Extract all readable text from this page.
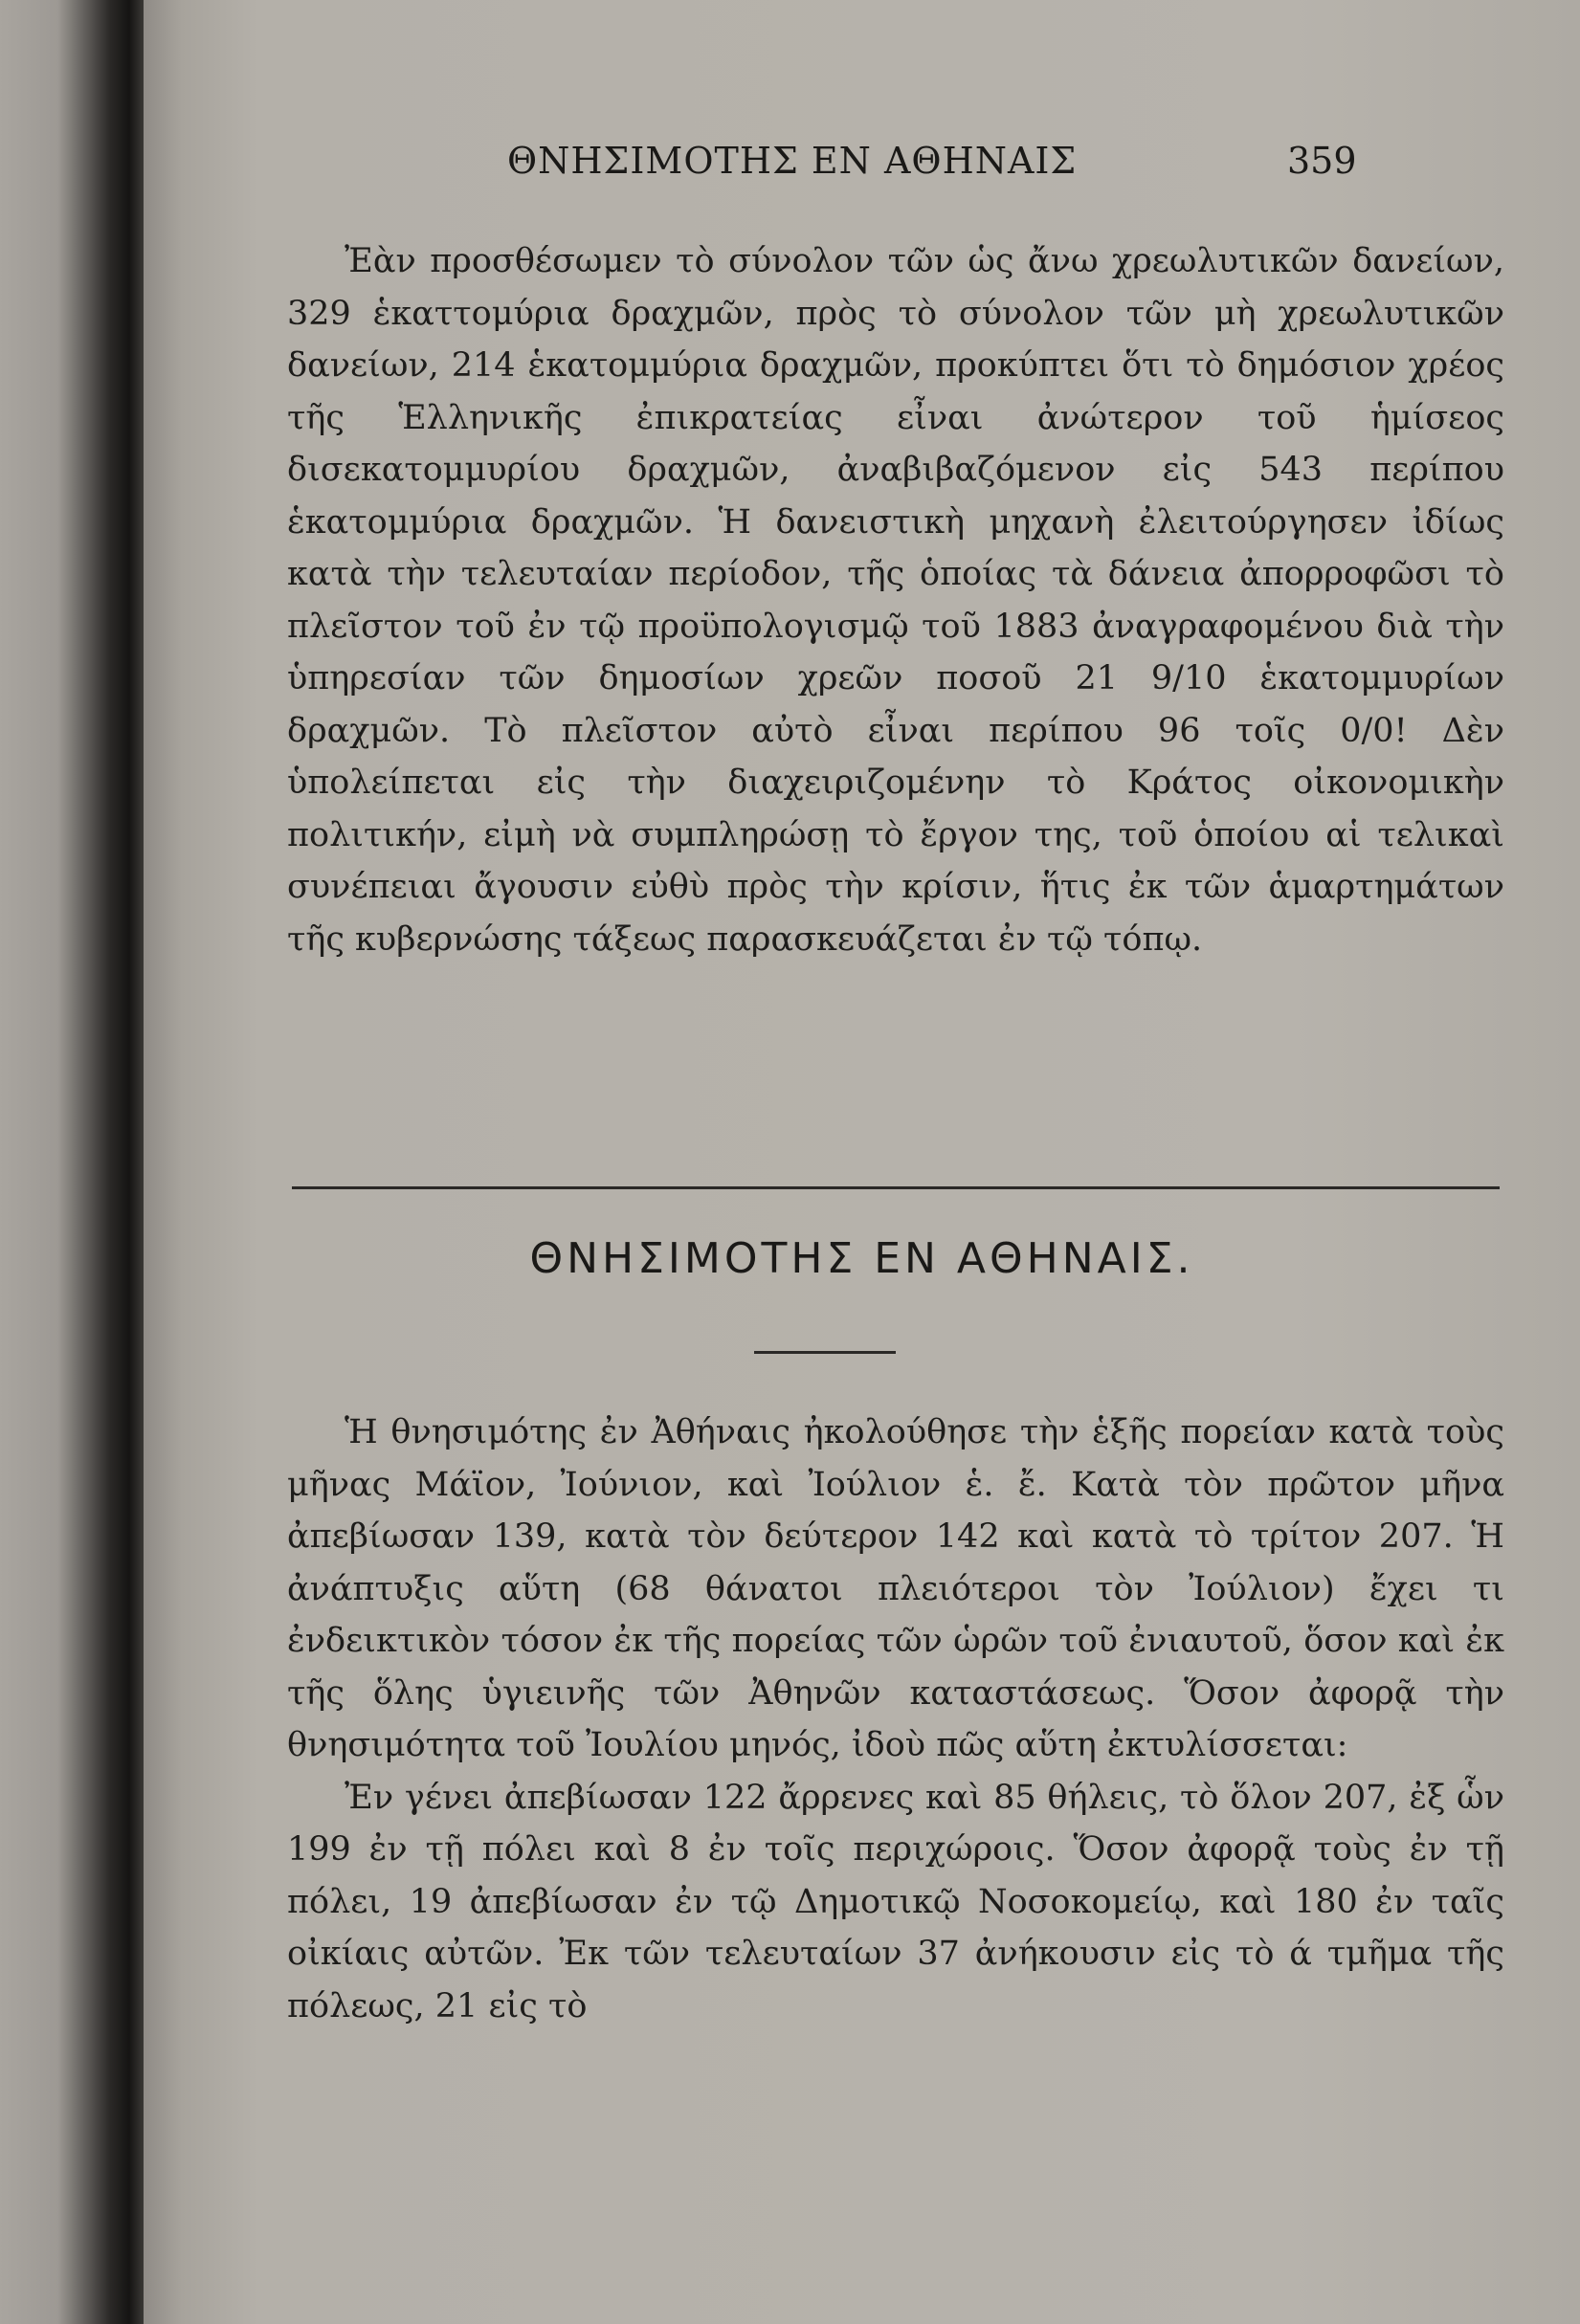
ΘΝΗΣΙΜΟΤΗΣ ΕΝ ΑΘΗΝΑΙΣ	359

Ἐὰν προσθέσωμεν τὸ σύνολον τῶν ὡς ἄνω χρεωλυτικῶν δανείων, 329 ἑκαττομύρια δραχμῶν, πρὸς τὸ σύνολον τῶν μὴ χρεωλυτικῶν δανείων, 214 ἑκατομμύρια δραχμῶν, προκύπτει ὅτι τὸ δημόσιον χρέος τῆς Ἑλληνικῆς ἐπικρατείας εἶναι ἀνώτερον τοῦ ἡμίσεος δισεκατομμυρίου δραχμῶν, ἀναβιβαζόμενον εἰς 543 περίπου ἑκατομμύρια δραχμῶν. Ἡ δανειστικὴ μηχανὴ ἐλειτούργησεν ἰδίως κατὰ τὴν τελευταίαν περίοδον, τῆς ὁποίας τὰ δάνεια ἀπορροφῶσι τὸ πλεῖστον τοῦ ἐν τῷ προϋπολογισμῷ τοῦ 1883 ἀναγραφομένου διὰ τὴν ὑπηρεσίαν τῶν δημοσίων χρεῶν ποσοῦ 21 9/10 ἑκατομμυρίων δραχμῶν. Τὸ πλεῖστον αὐτὸ εἶναι περίπου 96 τοῖς 0/0! Δὲν ὑπολείπεται εἰς τὴν διαχειριζομένην τὸ Κράτος οἰκονομικὴν πολιτικήν, εἰμὴ νὰ συμπληρώσῃ τὸ ἔργον της, τοῦ ὁποίου αἱ τελικαὶ συνέπειαι ἄγουσιν εὐθὺ πρὸς τὴν κρίσιν, ἥτις ἐκ τῶν ἁμαρτημάτων τῆς κυβερνώσης τάξεως παρασκευάζεται ἐν τῷ τόπῳ.

ΘΝΗΣΙΜΟΤΗΣ ΕΝ ΑΘΗΝΑΙΣ.

Ἡ θνησιμότης ἐν Ἀθήναις ἠκολούθησε τὴν ἑξῆς πορείαν κατὰ τοὺς μῆνας Μάϊον, Ἰούνιον, καὶ Ἰούλιον ἑ. ἔ. Κατὰ τὸν πρῶτον μῆνα ἀπεβίωσαν 139, κατὰ τὸν δεύτερον 142 καὶ κατὰ τὸ τρίτον 207. Ἡ ἀνάπτυξις αὕτη (68 θάνατοι πλειότεροι τὸν Ἰούλιον) ἔχει τι ἐνδεικτικὸν τόσον ἐκ τῆς πορείας τῶν ὡρῶν τοῦ ἐνιαυτοῦ, ὅσον καὶ ἐκ τῆς ὅλης ὑγιεινῆς τῶν Ἀθηνῶν καταστάσεως. Ὅσον ἀφορᾷ τὴν θνησιμότητα τοῦ Ἰουλίου μηνός, ἰδοὺ πῶς αὕτη ἐκτυλίσσεται:

Ἐν γένει ἀπεβίωσαν 122 ἄρρενες καὶ 85 θήλεις, τὸ ὅλον 207, ἐξ ὧν 199 ἐν τῇ πόλει καὶ 8 ἐν τοῖς περιχώροις. Ὅσον ἀφορᾷ τοὺς ἐν τῇ πόλει, 19 ἀπεβίωσαν ἐν τῷ Δημοτικῷ Νοσοκομείῳ, καὶ 180 ἐν ταῖς οἰκίαις αὐτῶν. Ἐκ τῶν τελευταίων 37 ἀνήκουσιν εἰς τὸ ά τμῆμα τῆς πόλεως, 21 εἰς τὸ
